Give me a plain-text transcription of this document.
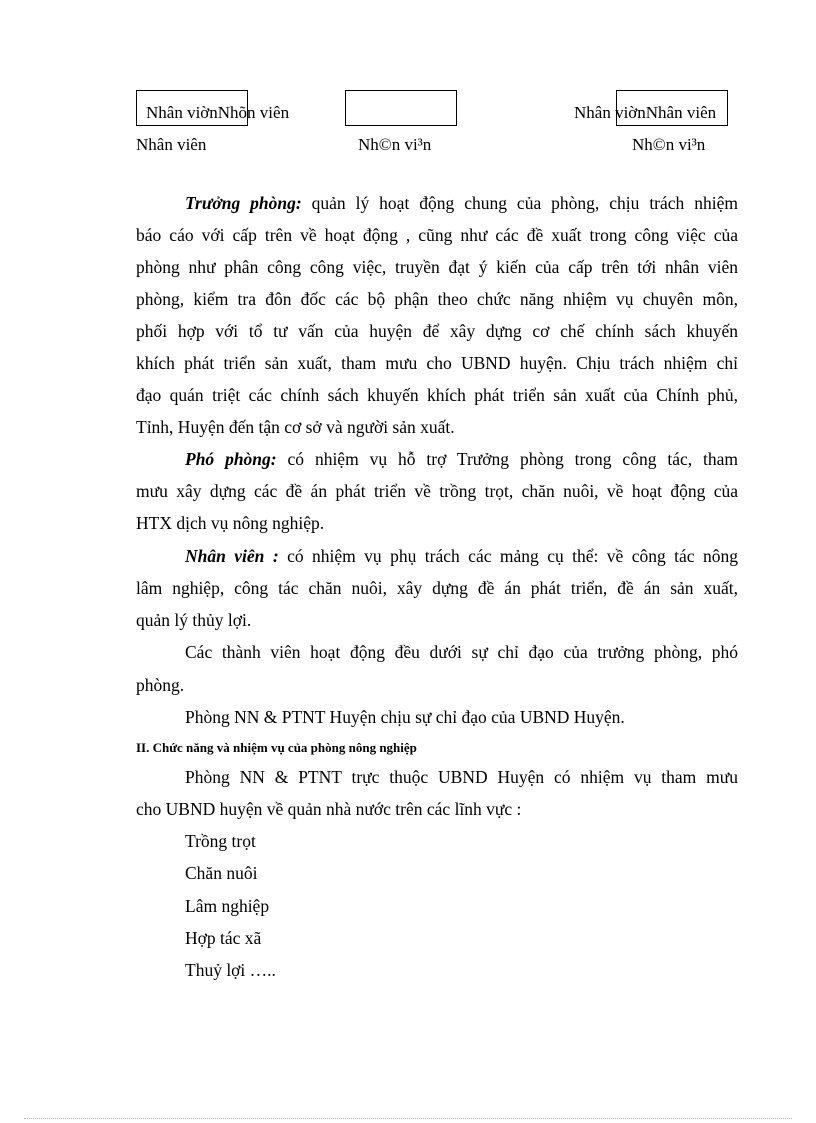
Nhân viờnNhõn viên	Nhân viờnNhân viên
Nhân viên	Nh©n vi³n	Nh©n vi³n
Trưởng phòng: quản lý hoạt động chung của phòng, chịu trách nhiệm
báo cáo với cấp trên về hoạt động , cũng như các đề xuất trong công việc của
phòng như phân công công việc, truyền đạt ý kiến của cấp trên tới nhân viên
phòng, kiểm tra đôn đốc các bộ phận theo chức năng nhiệm vụ chuyên môn,
phối hợp với tổ tư vấn của huyện để xây dựng cơ chế chính sách khuyến
khích phát triển sản xuất, tham mưu cho UBND huyện. Chịu trách nhiệm chỉ
đạo quán triệt các chính sách khuyến khích phát triển sản xuất của Chính phủ,
Tỉnh, Huyện đến tận cơ sở và người sản xuất.
Phó phòng: có nhiệm vụ hỗ trợ Trưởng phòng trong công tác, tham
mưu xây dựng các đề án phát triển về trồng trọt, chăn nuôi, về hoạt động của
HTX dịch vụ nông nghiệp.
Nhân viên : có nhiệm vụ phụ trách các mảng cụ thể: về công tác nông
lâm nghiệp, công tác chăn nuôi, xây dựng đề án phát triển, đề án sản xuất,
quản lý thủy lợi.
Các thành viên hoạt động đều dưới sự chỉ đạo của trưởng phòng, phó
phòng.
Phòng NN & PTNT Huyện chịu sự chỉ đạo của UBND Huyện.
II. Chức năng và nhiệm vụ của phòng nông nghiệp
Phòng NN & PTNT trực thuộc UBND Huyện có nhiệm vụ tham mưu
cho UBND huyện về quản nhà nước trên các lĩnh vực :
Trồng trọt
Chăn nuôi
Lâm nghiệp
Hợp tác xã
Thuỷ lợi …..
